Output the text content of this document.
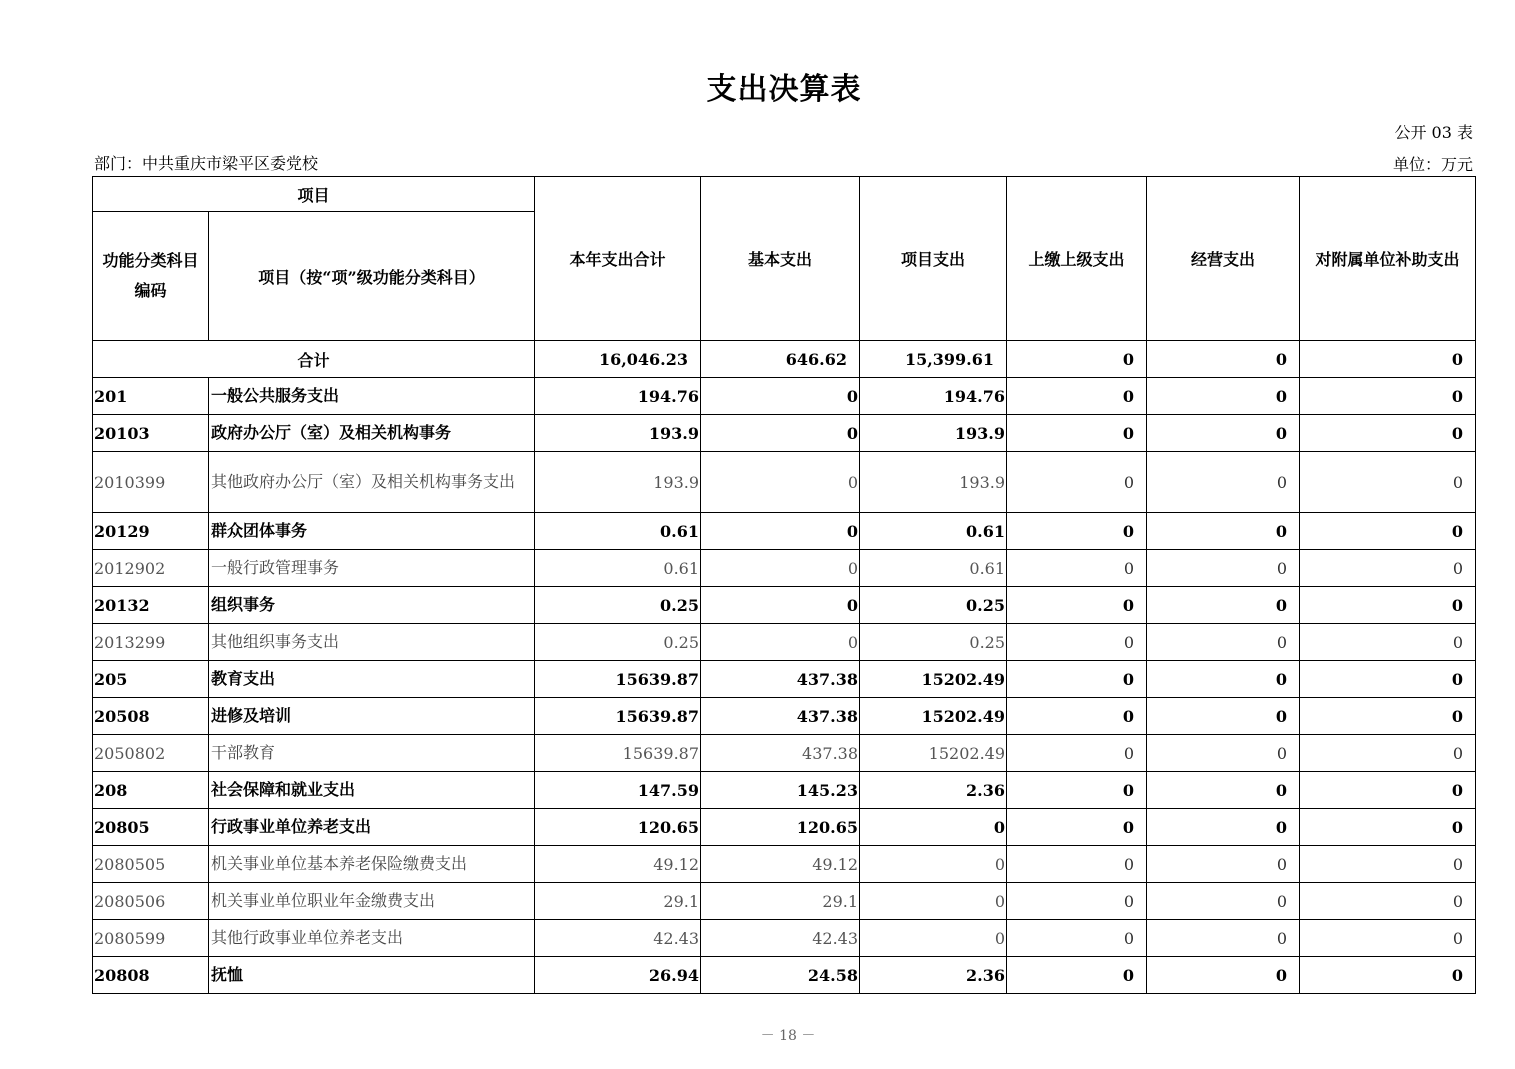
支出决算表
公开 03 表
部门：中共重庆市梁平区委党校	单位：万元
项目		本年支出合计	基本支出	项目支出	上缴上级支出	经营支出	对附属单位补助支出
功能分类科目编码	项目（按“项”级功能分类科目）						
合计		16,046.23	646.62	15,399.61	0	0	0
201	一般公共服务支出	194.76	0	194.76	0	0	0
20103	政府办公厅（室）及相关机构事务	193.9	0	193.9	0	0	0
2010399	其他政府办公厅（室）及相关机构事务支出	193.9	0	193.9	0	0	0
20129	群众团体事务	0.61	0	0.61	0	0	0
2012902	一般行政管理事务	0.61	0	0.61	0	0	0
20132	组织事务	0.25	0	0.25	0	0	0
2013299	其他组织事务支出	0.25	0	0.25	0	0	0
205	教育支出	15639.87	437.38	15202.49	0	0	0
20508	进修及培训	15639.87	437.38	15202.49	0	0	0
2050802	干部教育	15639.87	437.38	15202.49	0	0	0
208	社会保障和就业支出	147.59	145.23	2.36	0	0	0
20805	行政事业单位养老支出	120.65	120.65	0	0	0	0
2080505	机关事业单位基本养老保险缴费支出	49.12	49.12	0	0	0	0
2080506	机关事业单位职业年金缴费支出	29.1	29.1	0	0	0	0
2080599	其他行政事业单位养老支出	42.43	42.43	0	0	0	0
20808	抚恤	26.94	24.58	2.36	0	0	0
－ 18 －
